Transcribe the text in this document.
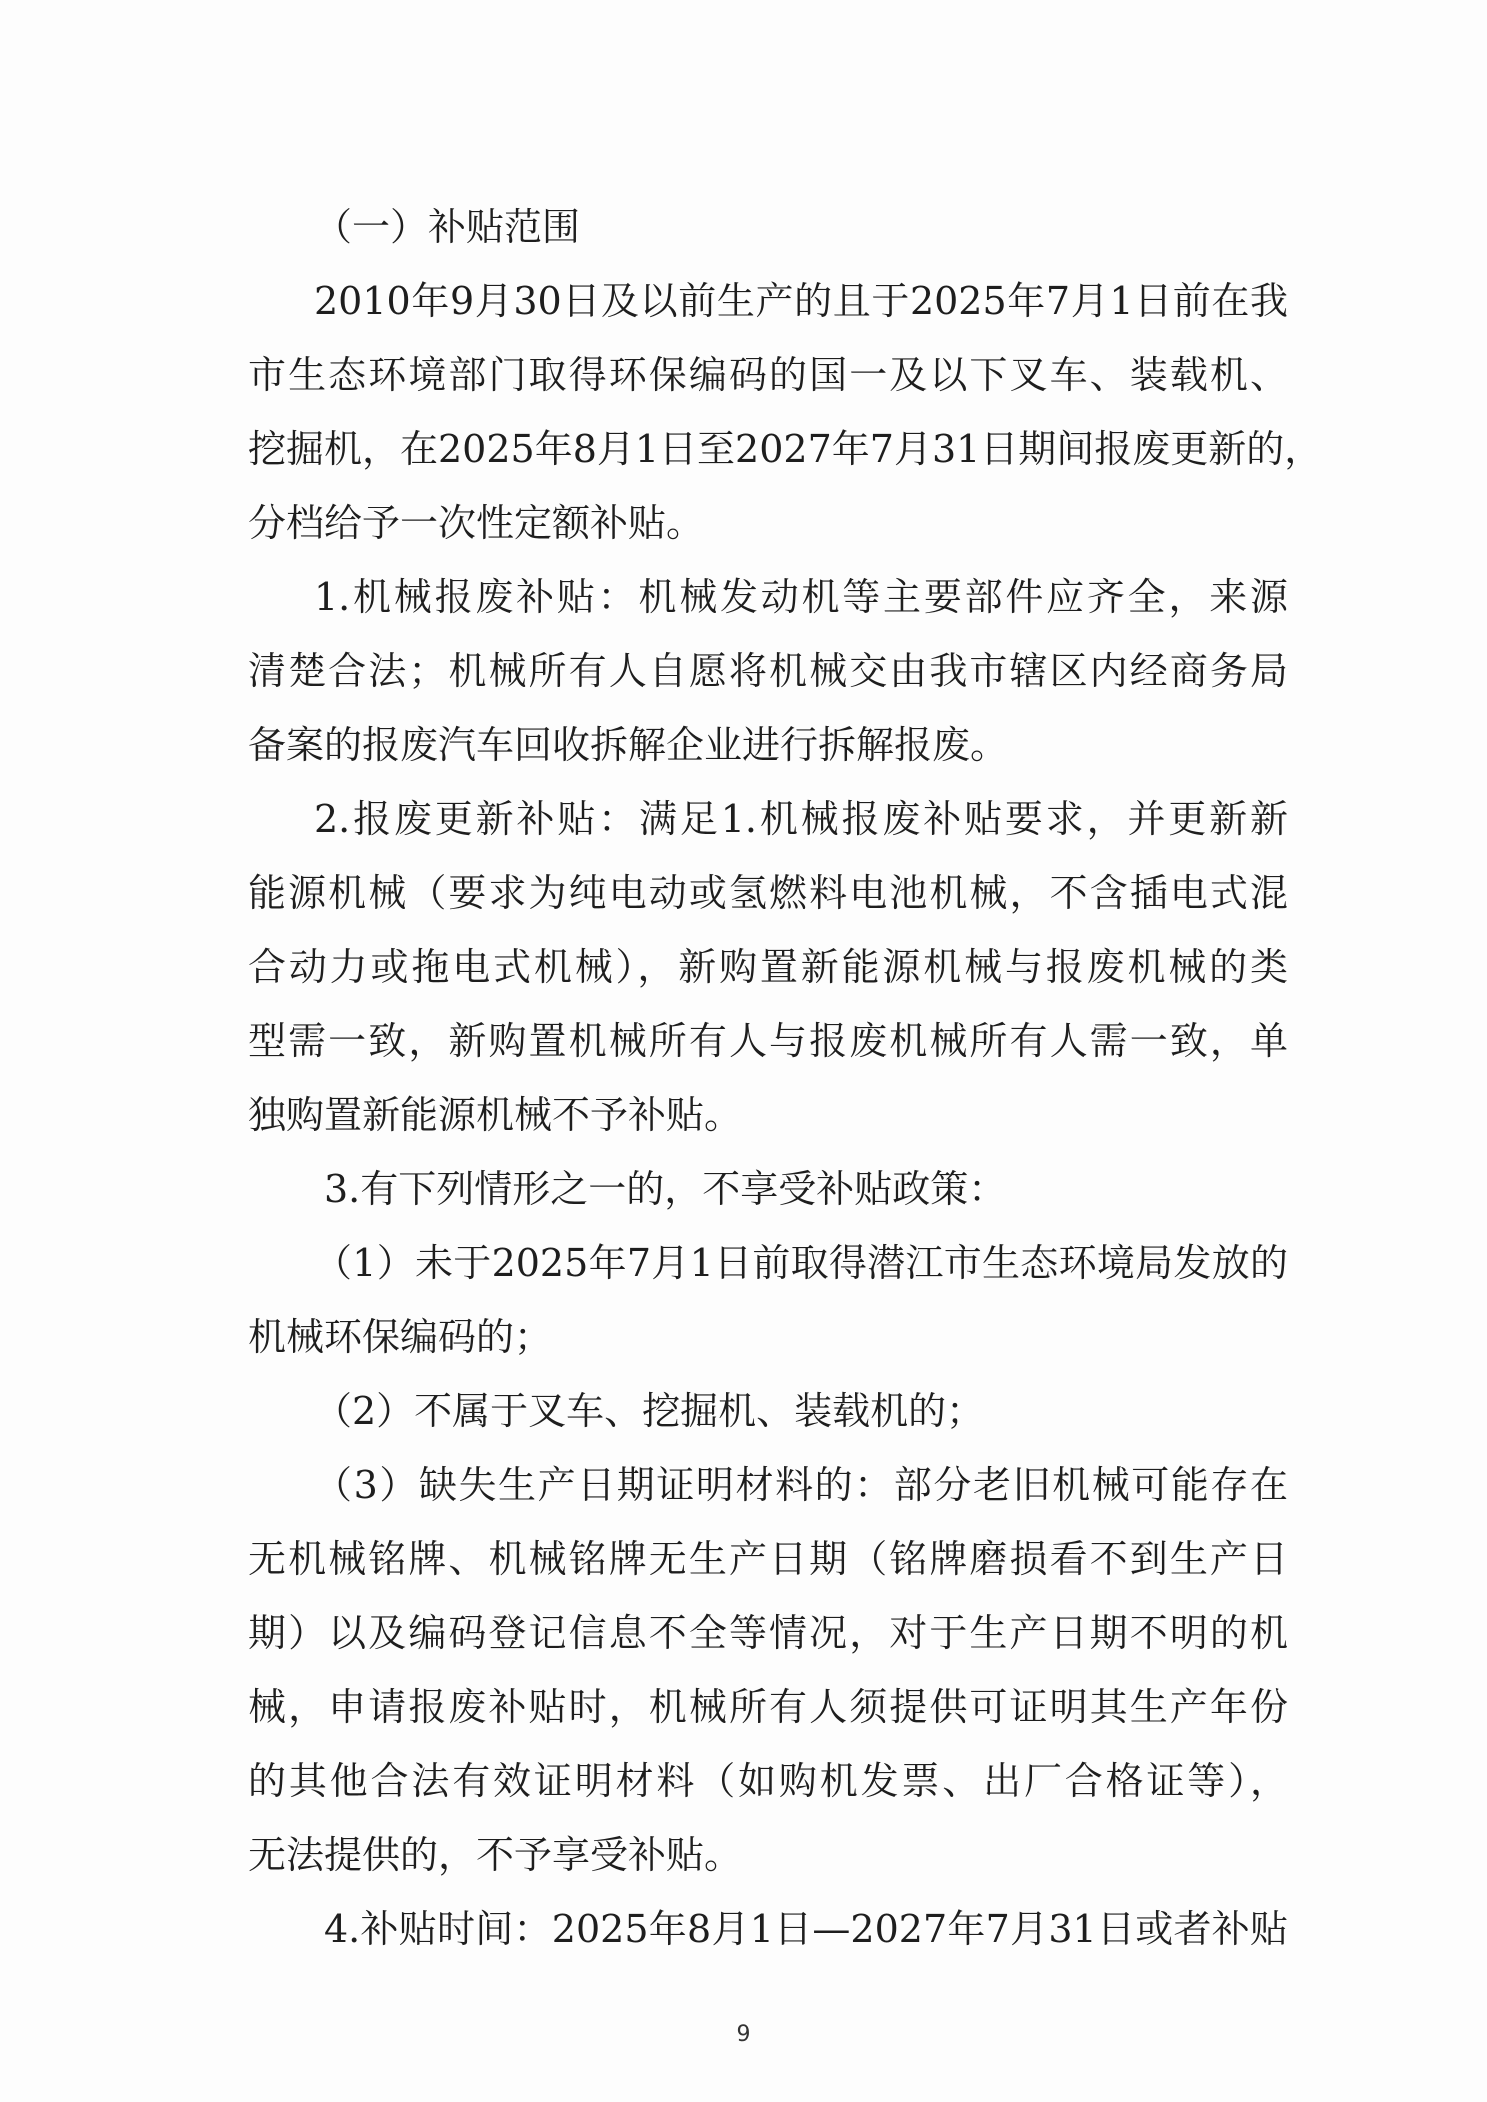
（一）补贴范围
2010年9月30日及以前生产的且于2025年7月1日前在我
市生态环境部门取得环保编码的国一及以下叉车、装载机、
挖掘机，在2025年8月1日至2027年7月31日期间报废更新的，
分档给予一次性定额补贴。
1.机械报废补贴：机械发动机等主要部件应齐全，来源
清楚合法；机械所有人自愿将机械交由我市辖区内经商务局
备案的报废汽车回收拆解企业进行拆解报废。
2.报废更新补贴：满足1.机械报废补贴要求，并更新新
能源机械（要求为纯电动或氢燃料电池机械，不含插电式混
合动力或拖电式机械），新购置新能源机械与报废机械的类
型需一致，新购置机械所有人与报废机械所有人需一致，单
独购置新能源机械不予补贴。
3.有下列情形之一的，不享受补贴政策：
（1）未于2025年7月1日前取得潜江市生态环境局发放的
机械环保编码的；
（2）不属于叉车、挖掘机、装载机的；
（3）缺失生产日期证明材料的：部分老旧机械可能存在
无机械铭牌、机械铭牌无生产日期（铭牌磨损看不到生产日
期）以及编码登记信息不全等情况，对于生产日期不明的机
械，申请报废补贴时，机械所有人须提供可证明其生产年份
的其他合法有效证明材料（如购机发票、出厂合格证等），
无法提供的，不予享受补贴。
4.补贴时间：2025年8月1日—2027年7月31日或者补贴
9
